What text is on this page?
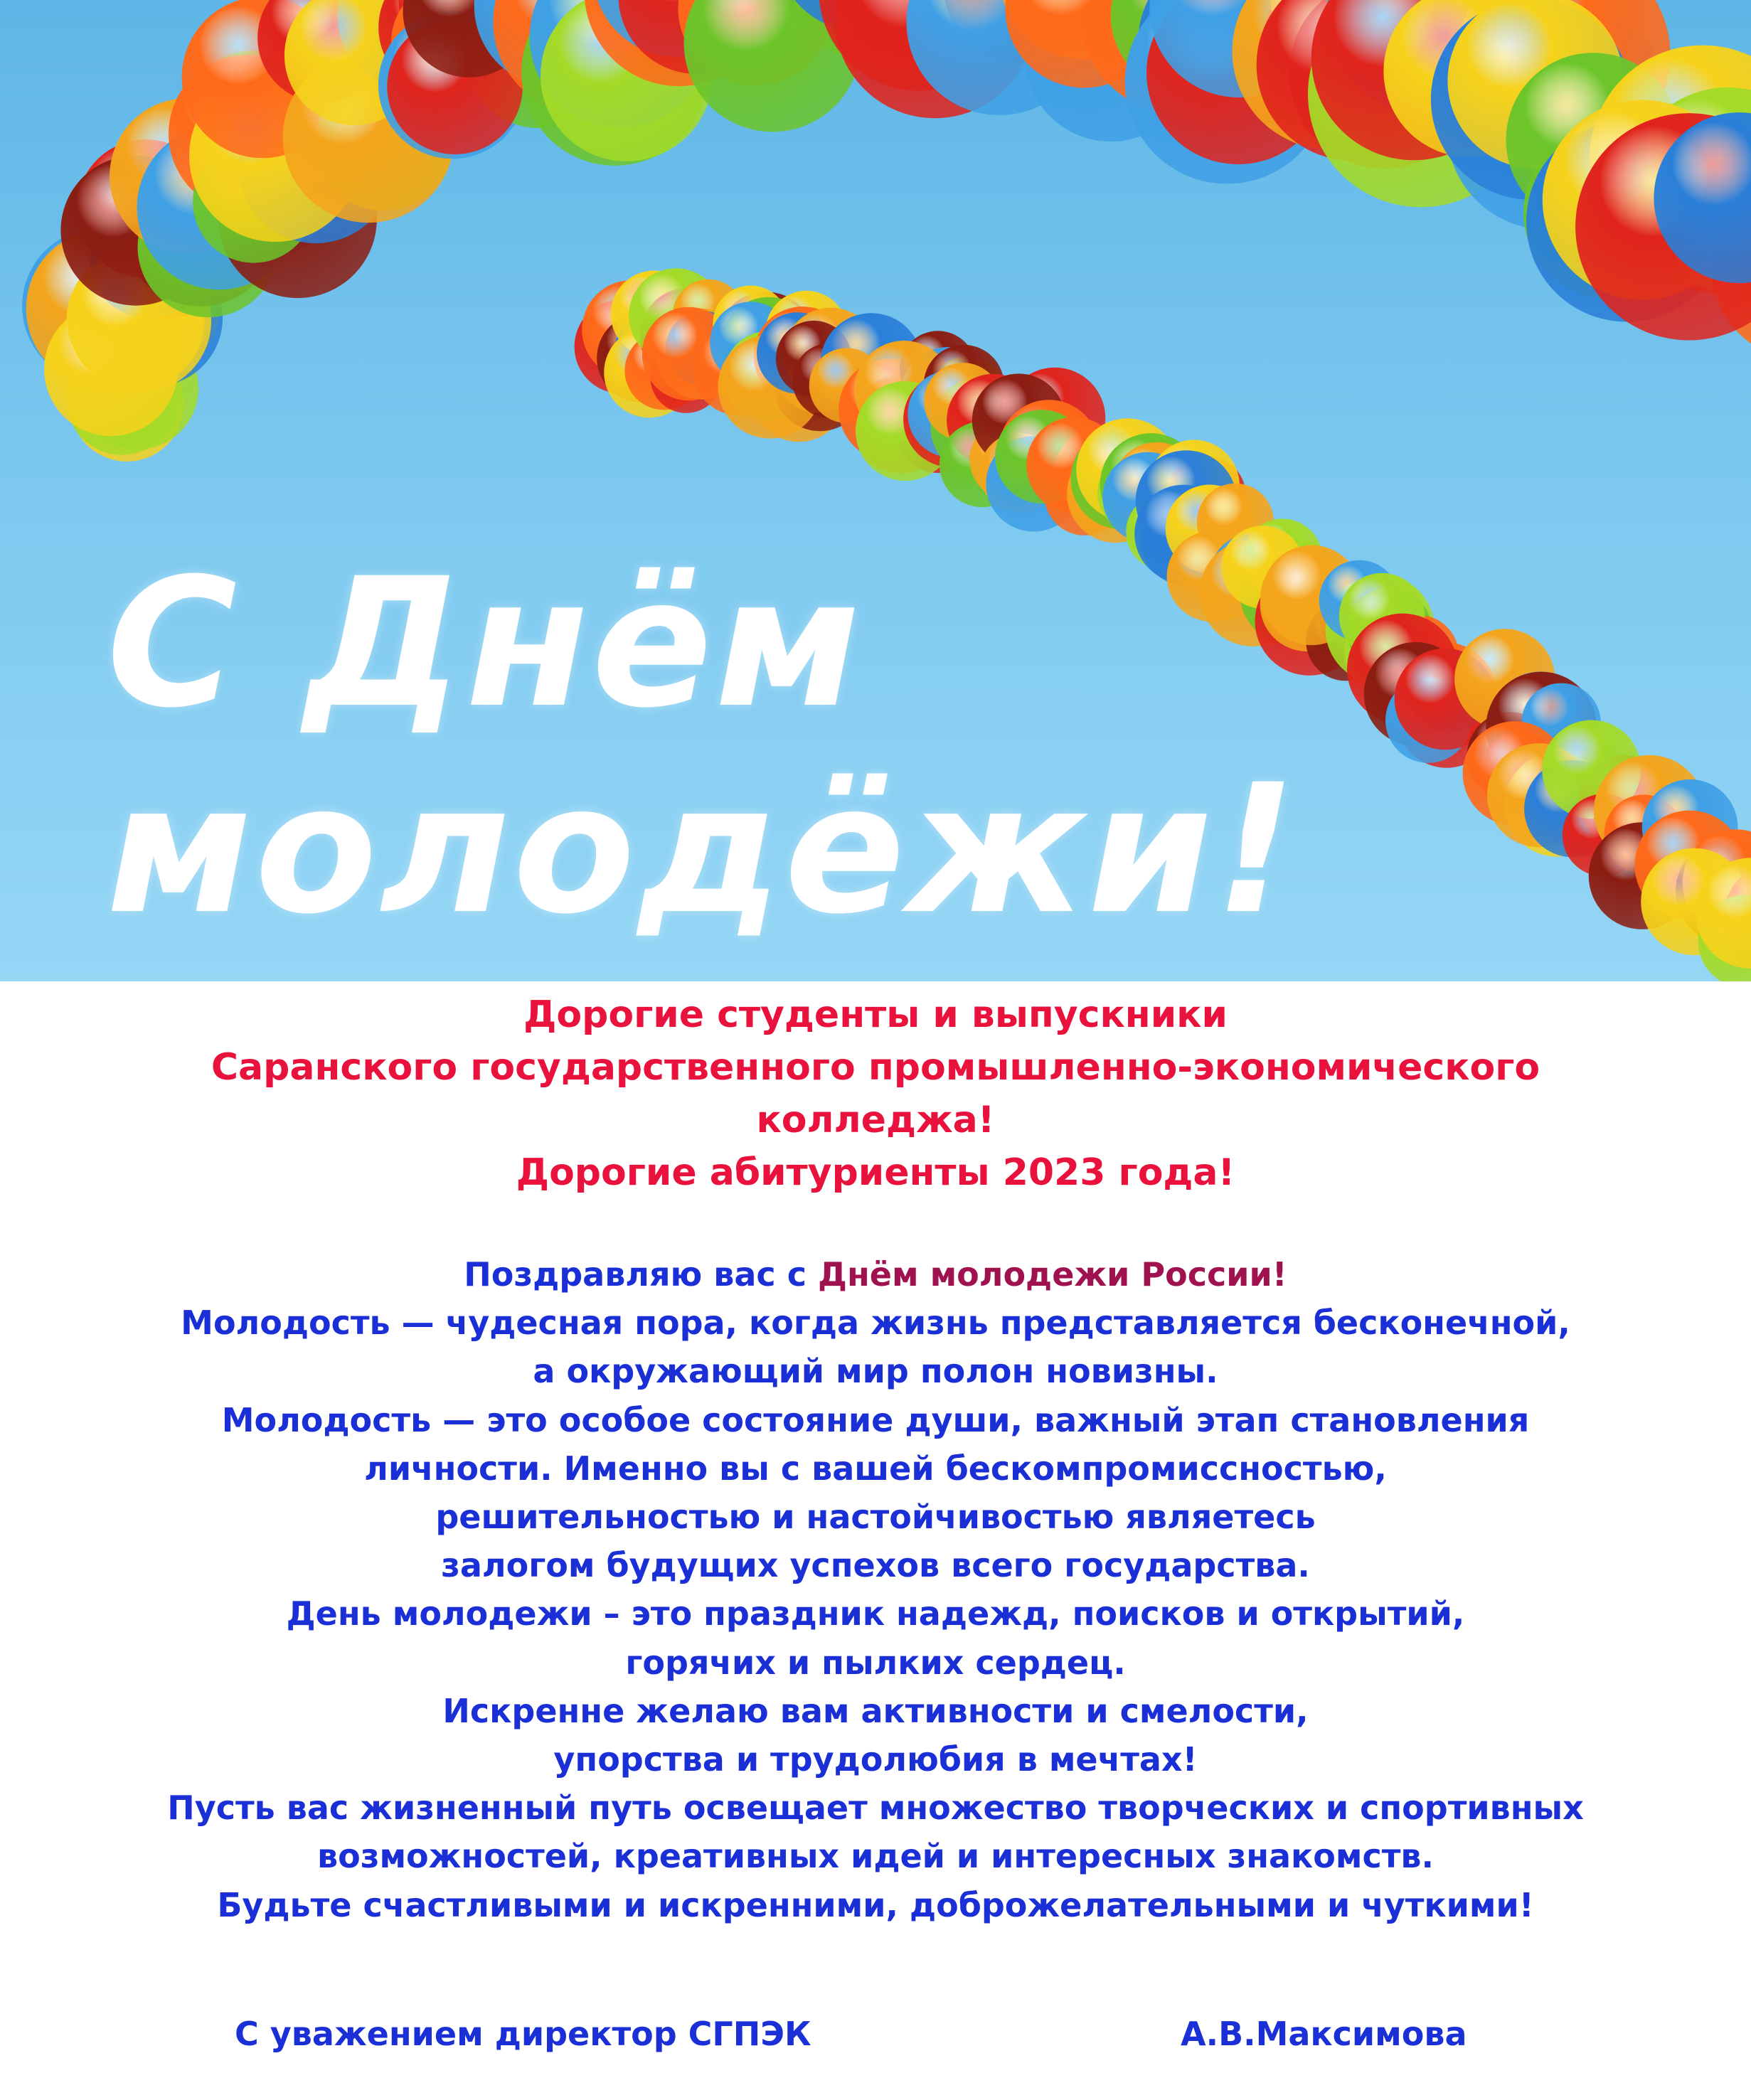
С Днём
молодёжи!
Дорогие студенты и выпускники
Саранского государственного промышленно-экономического
колледжа!
Дорогие абитуриенты 2023 года!
Поздравляю вас с Днём молодежи России!
Молодость — чудесная пора, когда жизнь представляется бесконечной,
а окружающий мир полон новизны.
Молодость — это особое состояние души, важный этап становления
личности. Именно вы с вашей бескомпромиссностью,
решительностью и настойчивостью являетесь
залогом будущих успехов всего государства.
День молодежи – это праздник надежд, поисков и открытий,
горячих и пылких сердец.
Искренне желаю вам активности и смелости,
упорства и трудолюбия в мечтах!
Пусть вас жизненный путь освещает множество творческих и спортивных
возможностей, креативных идей и интересных знакомств.
Будьте счастливыми и искренними, доброжелательными и чуткими!
С уважением директор СГПЭК	А.В.Максимова
